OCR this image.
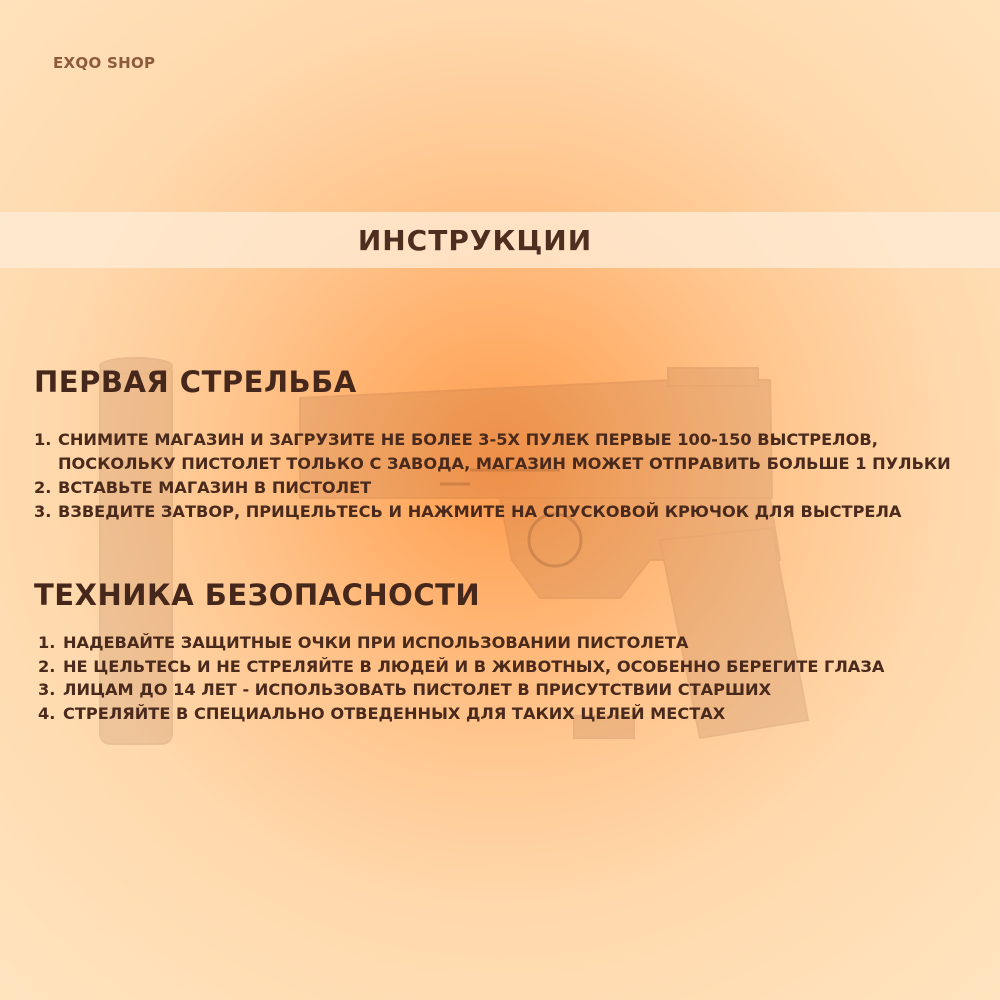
EXQO SHOP
ИНСТРУКЦИИ
ПЕРВАЯ СТРЕЛЬБА
1. СНИМИТЕ МАГАЗИН И ЗАГРУЗИТЕ НЕ БОЛЕЕ 3-5Х ПУЛЕК ПЕРВЫЕ 100-150 ВЫСТРЕЛОВ, ПОСКОЛЬКУ ПИСТОЛЕТ ТОЛЬКО С ЗАВОДА, МАГАЗИН МОЖЕТ ОТПРАВИТЬ БОЛЬШЕ 1 ПУЛЬКИ
2. ВСТАВЬТЕ МАГАЗИН В ПИСТОЛЕТ
3. ВЗВЕДИТЕ ЗАТВОР, ПРИЦЕЛЬТЕСЬ И НАЖМИТЕ НА СПУСКОВОЙ КРЮЧОК ДЛЯ ВЫСТРЕЛА
ТЕХНИКА БЕЗОПАСНОСТИ
1. НАДЕВАЙТЕ ЗАЩИТНЫЕ ОЧКИ ПРИ ИСПОЛЬЗОВАНИИ ПИСТОЛЕТА
2. НЕ ЦЕЛЬТЕСЬ И НЕ СТРЕЛЯЙТЕ В ЛЮДЕЙ И В ЖИВОТНЫХ, ОСОБЕННО БЕРЕГИТЕ ГЛАЗА
3. ЛИЦАМ ДО 14 ЛЕТ - ИСПОЛЬЗОВАТЬ ПИСТОЛЕТ В ПРИСУТСТВИИ СТАРШИХ
4. СТРЕЛЯЙТЕ В СПЕЦИАЛЬНО ОТВЕДЕННЫХ ДЛЯ ТАКИХ ЦЕЛЕЙ МЕСТАХ
